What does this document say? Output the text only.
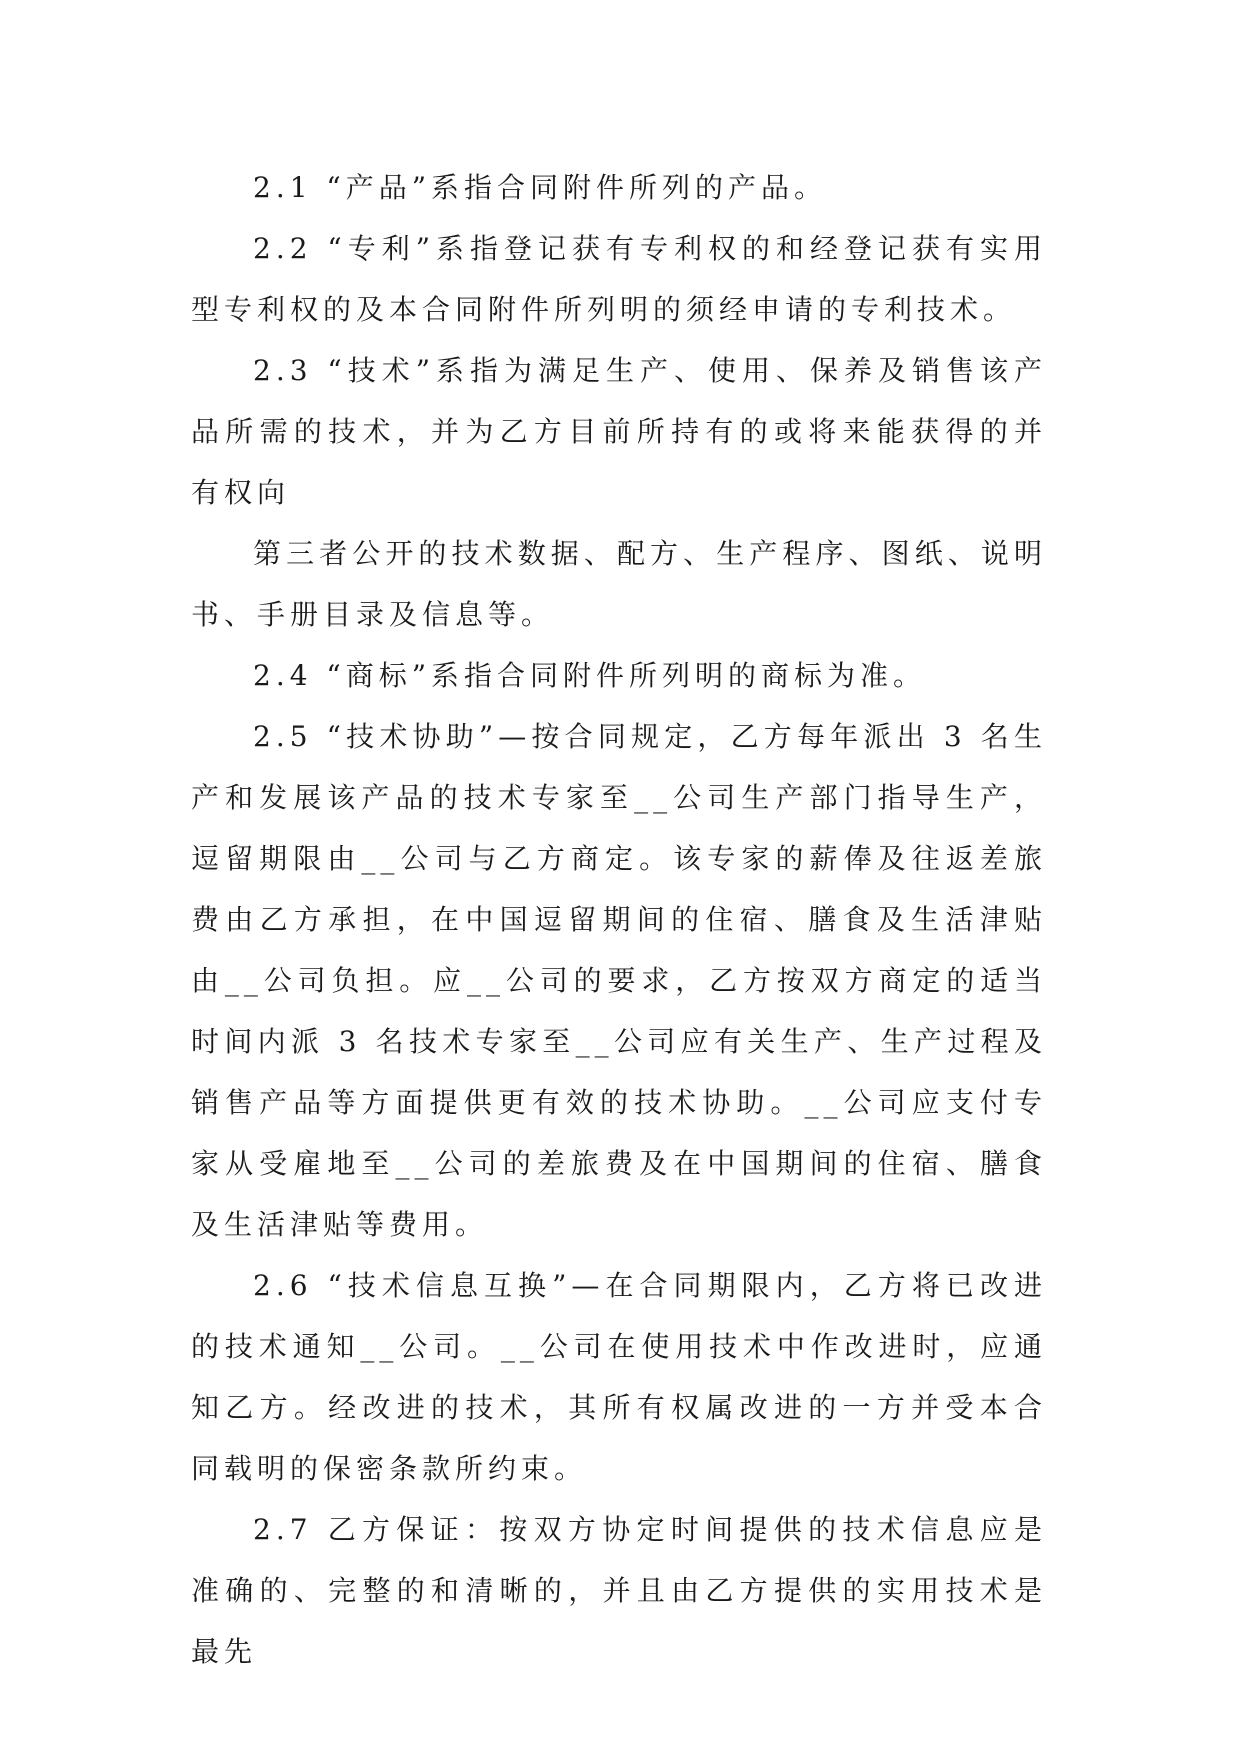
2.1 “产品”系指合同附件所列的产品。

2.2 “专利”系指登记获有专利权的和经登记获有实用型专利权的及本合同附件所列明的须经申请的专利技术。

2.3 “技术”系指为满足生产、使用、保养及销售该产品所需的技术，并为乙方目前所持有的或将来能获得的并有权向

第三者公开的技术数据、配方、生产程序、图纸、说明书、手册目录及信息等。

2.4 “商标”系指合同附件所列明的商标为准。

2.5 “技术协助”—按合同规定，乙方每年派出 3 名生产和发展该产品的技术专家至__公司生产部门指导生产，逗留期限由__公司与乙方商定。该专家的薪俸及往返差旅费由乙方承担，在中国逗留期间的住宿、膳食及生活津贴由__公司负担。应__公司的要求，乙方按双方商定的适当时间内派 3 名技术专家至__公司应有关生产、生产过程及销售产品等方面提供更有效的技术协助。__公司应支付专家从受雇地至__公司的差旅费及在中国期间的住宿、膳食及生活津贴等费用。

2.6 “技术信息互换”—在合同期限内，乙方将已改进的技术通知__公司。__公司在使用技术中作改进时，应通知乙方。经改进的技术，其所有权属改进的一方并受本合同载明的保密条款所约束。

2.7 乙方保证：按双方协定时间提供的技术信息应是准确的、完整的和清晰的，并且由乙方提供的实用技术是最先
